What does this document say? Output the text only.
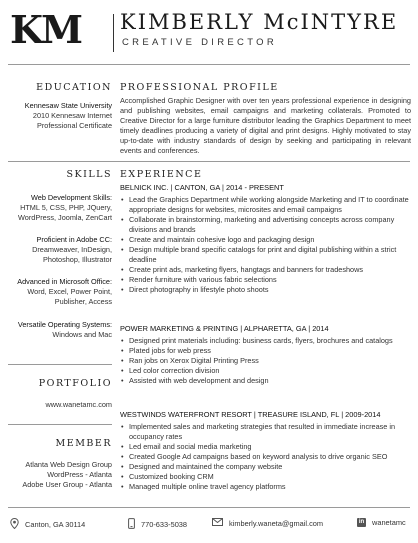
KM KIMBERLY McINTYRE
CREATIVE DIRECTOR
EDUCATION PROFESSIONAL PROFILE
Kennesaw State University
2010 Kennesaw Internet
Professional Certificate
Accomplished Graphic Designer with over ten years professional experience in designing and publishing websites, email campaigns and marketing collaterals. Promoted to Creative Director for a large furniture distributor leading the Graphics Department to meet timely deadlines producing a variety of digital and print designs. Highly motivated to stay up-to-date with industry standards of design by seeking and participating in relevant events and conferences.
SKILLS EXPERIENCE
Web Development Skills:
HTML 5, CSS, PHP, JQuery,
WordPress, Joomla, ZenCart
Proficient in Adobe CC:
Dreamweaver, InDesign,
Photoshop, Illustrator
Advanced in Microsoft Office:
Word, Excel, Power Point,
Publisher, Access
Versatile Operating Systems:
Windows and Mac
BELNICK INC. | CANTON, GA | 2014 - PRESENT
• Lead the Graphics Department while working alongside Marketing and IT to coordinate appropriate designs for websites, microsites and email campaigns
• Collaborate in brainstorming, marketing and advertising concepts across company divisions and brands
• Create and maintain cohesive logo and packaging design
• Design multiple brand specific catalogs for print and digital publishing within a strict deadline
• Create print ads, marketing flyers, hangtags and banners for tradeshows
• Render furniture with various fabric selections
• Direct photography in lifestyle photo shoots
POWER MARKETING & PRINTING | ALPHARETTA, GA | 2014
• Designed print materials including: business cards, flyers, brochures and catalogs
• Plated jobs for web press
• Ran jobs on Xerox Digital Printing Press
• Led color correction division
• Assisted with web development and design
PORTFOLIO
www.wanetamc.com
WESTWINDS WATERFRONT RESORT | TREASURE ISLAND, FL | 2009-2014
• Implemented sales and marketing strategies that resulted in immediate increase in occupancy rates
• Led email and social media marketing
• Created Google Ad campaigns based on keyword analysis to drive organic SEO
• Designed and maintained the company website
• Customized booking CRM
• Managed multiple online travel agency platforms
MEMBER
Atlanta Web Design Group
WordPress - Atlanta
Adobe User Group - Atlanta
Canton, GA 30114	770-633-5038	kimberly.waneta@gmail.com	in wanetamc
